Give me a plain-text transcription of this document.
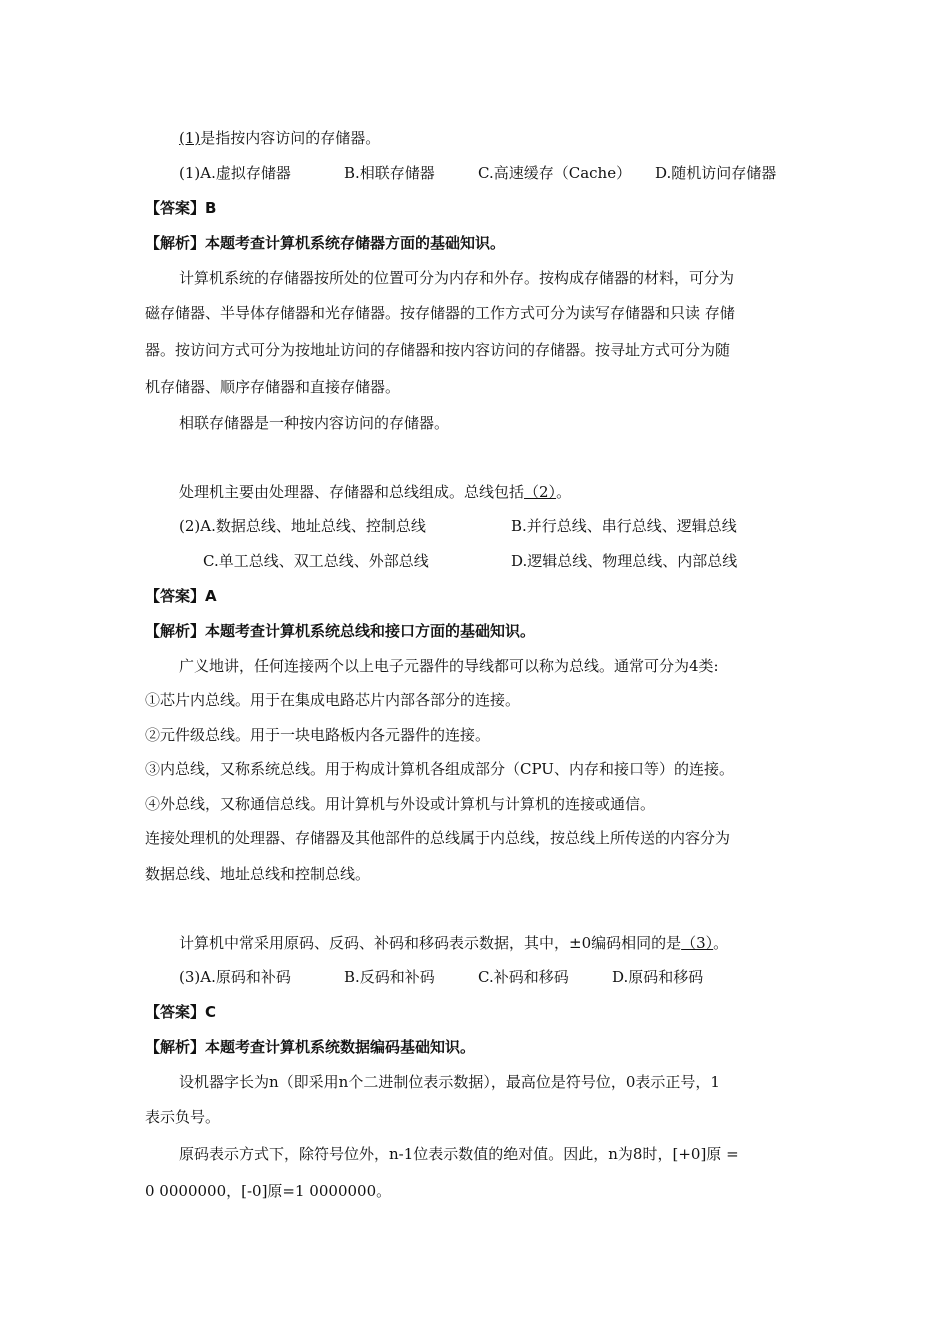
(1)是指按内容访问的存储器。
(1)A.虚拟存储器	B.相联存储器	C.高速缓存（Cache） D.随机访问存储器
【答案】B
【解析】本题考查计算机系统存储器方面的基础知识。
计算机系统的存储器按所处的位置可分为内存和外存。按构成存储器的材料，可分为
磁存储器、半导体存储器和光存储器。按存储器的工作方式可分为读写存储器和只读 存储
器。按访问方式可分为按地址访问的存储器和按内容访问的存储器。按寻址方式可分为随
机存储器、顺序存储器和直接存储器。
相联存储器是一种按内容访问的存储器。
处理机主要由处理器、存储器和总线组成。总线包括（2）。
(2)A.数据总线、地址总线、控制总线	B.并行总线、串行总线、逻辑总线
C.单工总线、双工总线、外部总线	D.逻辑总线、物理总线、内部总线
【答案】A
【解析】本题考查计算机系统总线和接口方面的基础知识。
广义地讲，任何连接两个以上电子元器件的导线都可以称为总线。通常可分为4类:
①芯片内总线。用于在集成电路芯片内部各部分的连接。
②元件级总线。用于一块电路板内各元器件的连接。
③内总线，又称系统总线。用于构成计算机各组成部分（CPU、内存和接口等）的连接。
④外总线，又称通信总线。用计算机与外设或计算机与计算机的连接或通信。
连接处理机的处理器、存储器及其他部件的总线属于内总线，按总线上所传送的内容分为
数据总线、地址总线和控制总线。
计算机中常采用原码、反码、补码和移码表示数据，其中，±0编码相同的是（3）。
(3)A.原码和补码	B.反码和补码	C.补码和移码	D.原码和移码
【答案】C
【解析】本题考查计算机系统数据编码基础知识。
设机器字长为n（即采用n个二进制位表示数据），最高位是符号位，0表示正号，1
表示负号。
原码表示方式下，除符号位外，n-1位表示数值的绝对值。因此，n为8时，[+0]原 =
0 0000000，[-0]原=1 0000000。
